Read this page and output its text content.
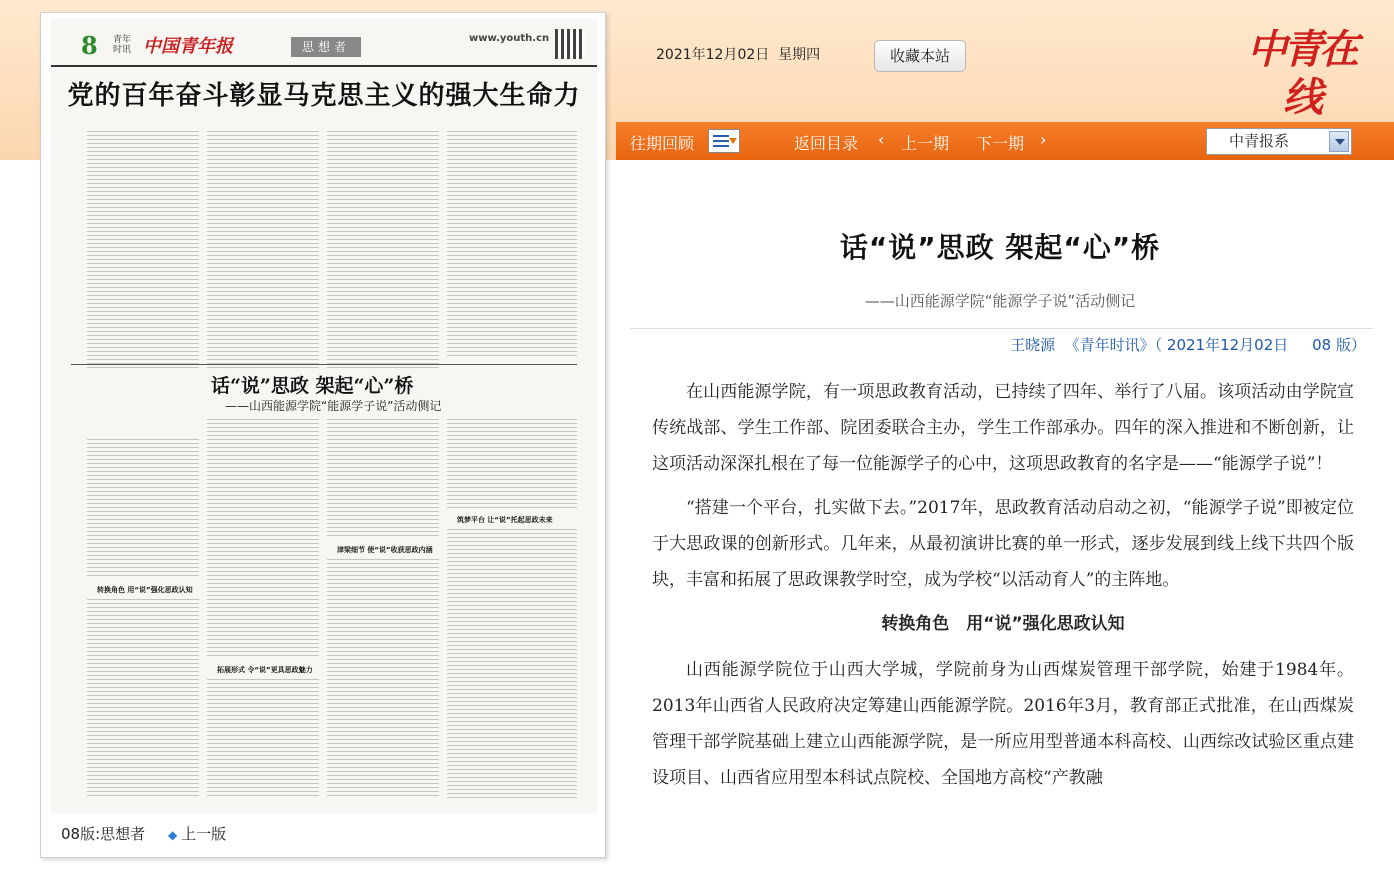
8 青年时讯 中国青年报	思想者
www.youth.cn
党的百年奋斗彰显马克思主义的强大生命力
话“说”思政 架起“心”桥
——山西能源学院“能源学子说”活动侧记
转换角色 用“说”强化思政认知
拓展形式 令“说”更具思政魅力
津梁细节 使“说”收获思政内涵
筑梦平台 让“说”托起思政未来
08版:思想者 ◆ 上一版
2021年12月02日 星期四	收藏本站	中青在线
往期回顾	返回目录 ‹ 上一期 下一期 ›	中青报系
话“说”思政 架起“心”桥
——山西能源学院“能源学子说”活动侧记
王晓源 《青年时讯》（ 2021年12月02日 08 版）

在山西能源学院，有一项思政教育活动，已持续了四年、举行了八届。该项活动由学院宣传统战部、学生工作部、院团委联合主办，学生工作部承办。四年的深入推进和不断创新，让这项活动深深扎根在了每一位能源学子的心中，这项思政教育的名字是——“能源学子说”！

“搭建一个平台，扎实做下去。”2017年，思政教育活动启动之初，“能源学子说”即被定位于大思政课的创新形式。几年来，从最初演讲比赛的单一形式，逐步发展到线上线下共四个版块，丰富和拓展了思政课教学时空，成为学校“以活动育人”的主阵地。

转换角色　用“说”强化思政认知

山西能源学院位于山西大学城，学院前身为山西煤炭管理干部学院，始建于1984年。2013年山西省人民政府决定筹建山西能源学院。2016年3月，教育部正式批准，在山西煤炭管理干部学院基础上建立山西能源学院，是一所应用型普通本科高校、山西综改试验区重点建设项目、山西省应用型本科试点院校、全国地方高校“产教融
